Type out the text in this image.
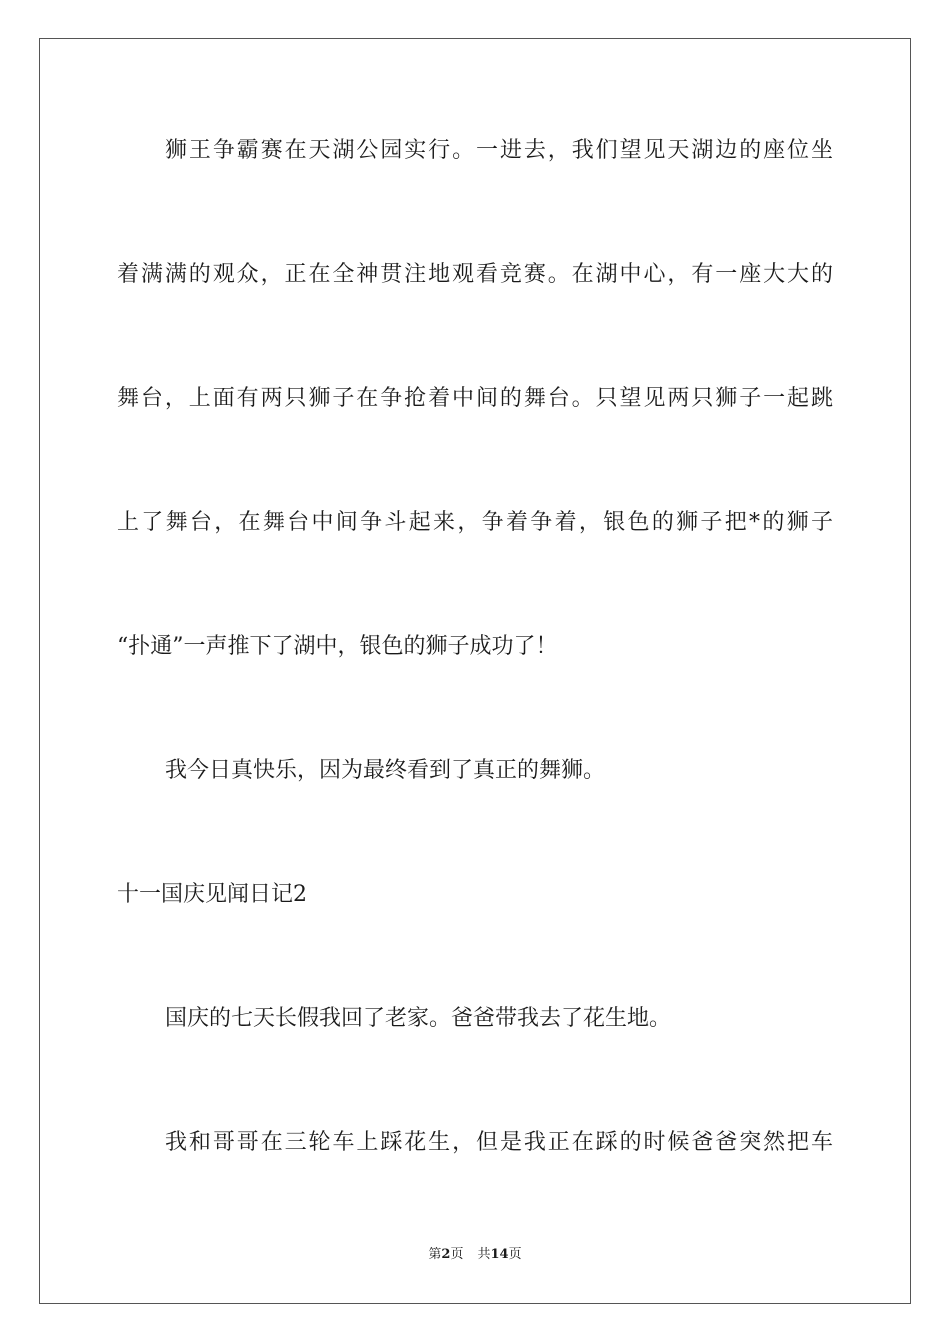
狮王争霸赛在天湖公园实行。一进去，我们望见天湖边的座位坐
着满满的观众，正在全神贯注地观看竞赛。在湖中心，有一座大大的
舞台，上面有两只狮子在争抢着中间的舞台。只望见两只狮子一起跳
上了舞台，在舞台中间争斗起来，争着争着，银色的狮子把*的狮子
“扑通”一声推下了湖中，银色的狮子成功了！
我今日真快乐，因为最终看到了真正的舞狮。
十一国庆见闻日记2
国庆的七天长假我回了老家。爸爸带我去了花生地。
我和哥哥在三轮车上踩花生，但是我正在踩的时候爸爸突然把车
第2页 共14页
